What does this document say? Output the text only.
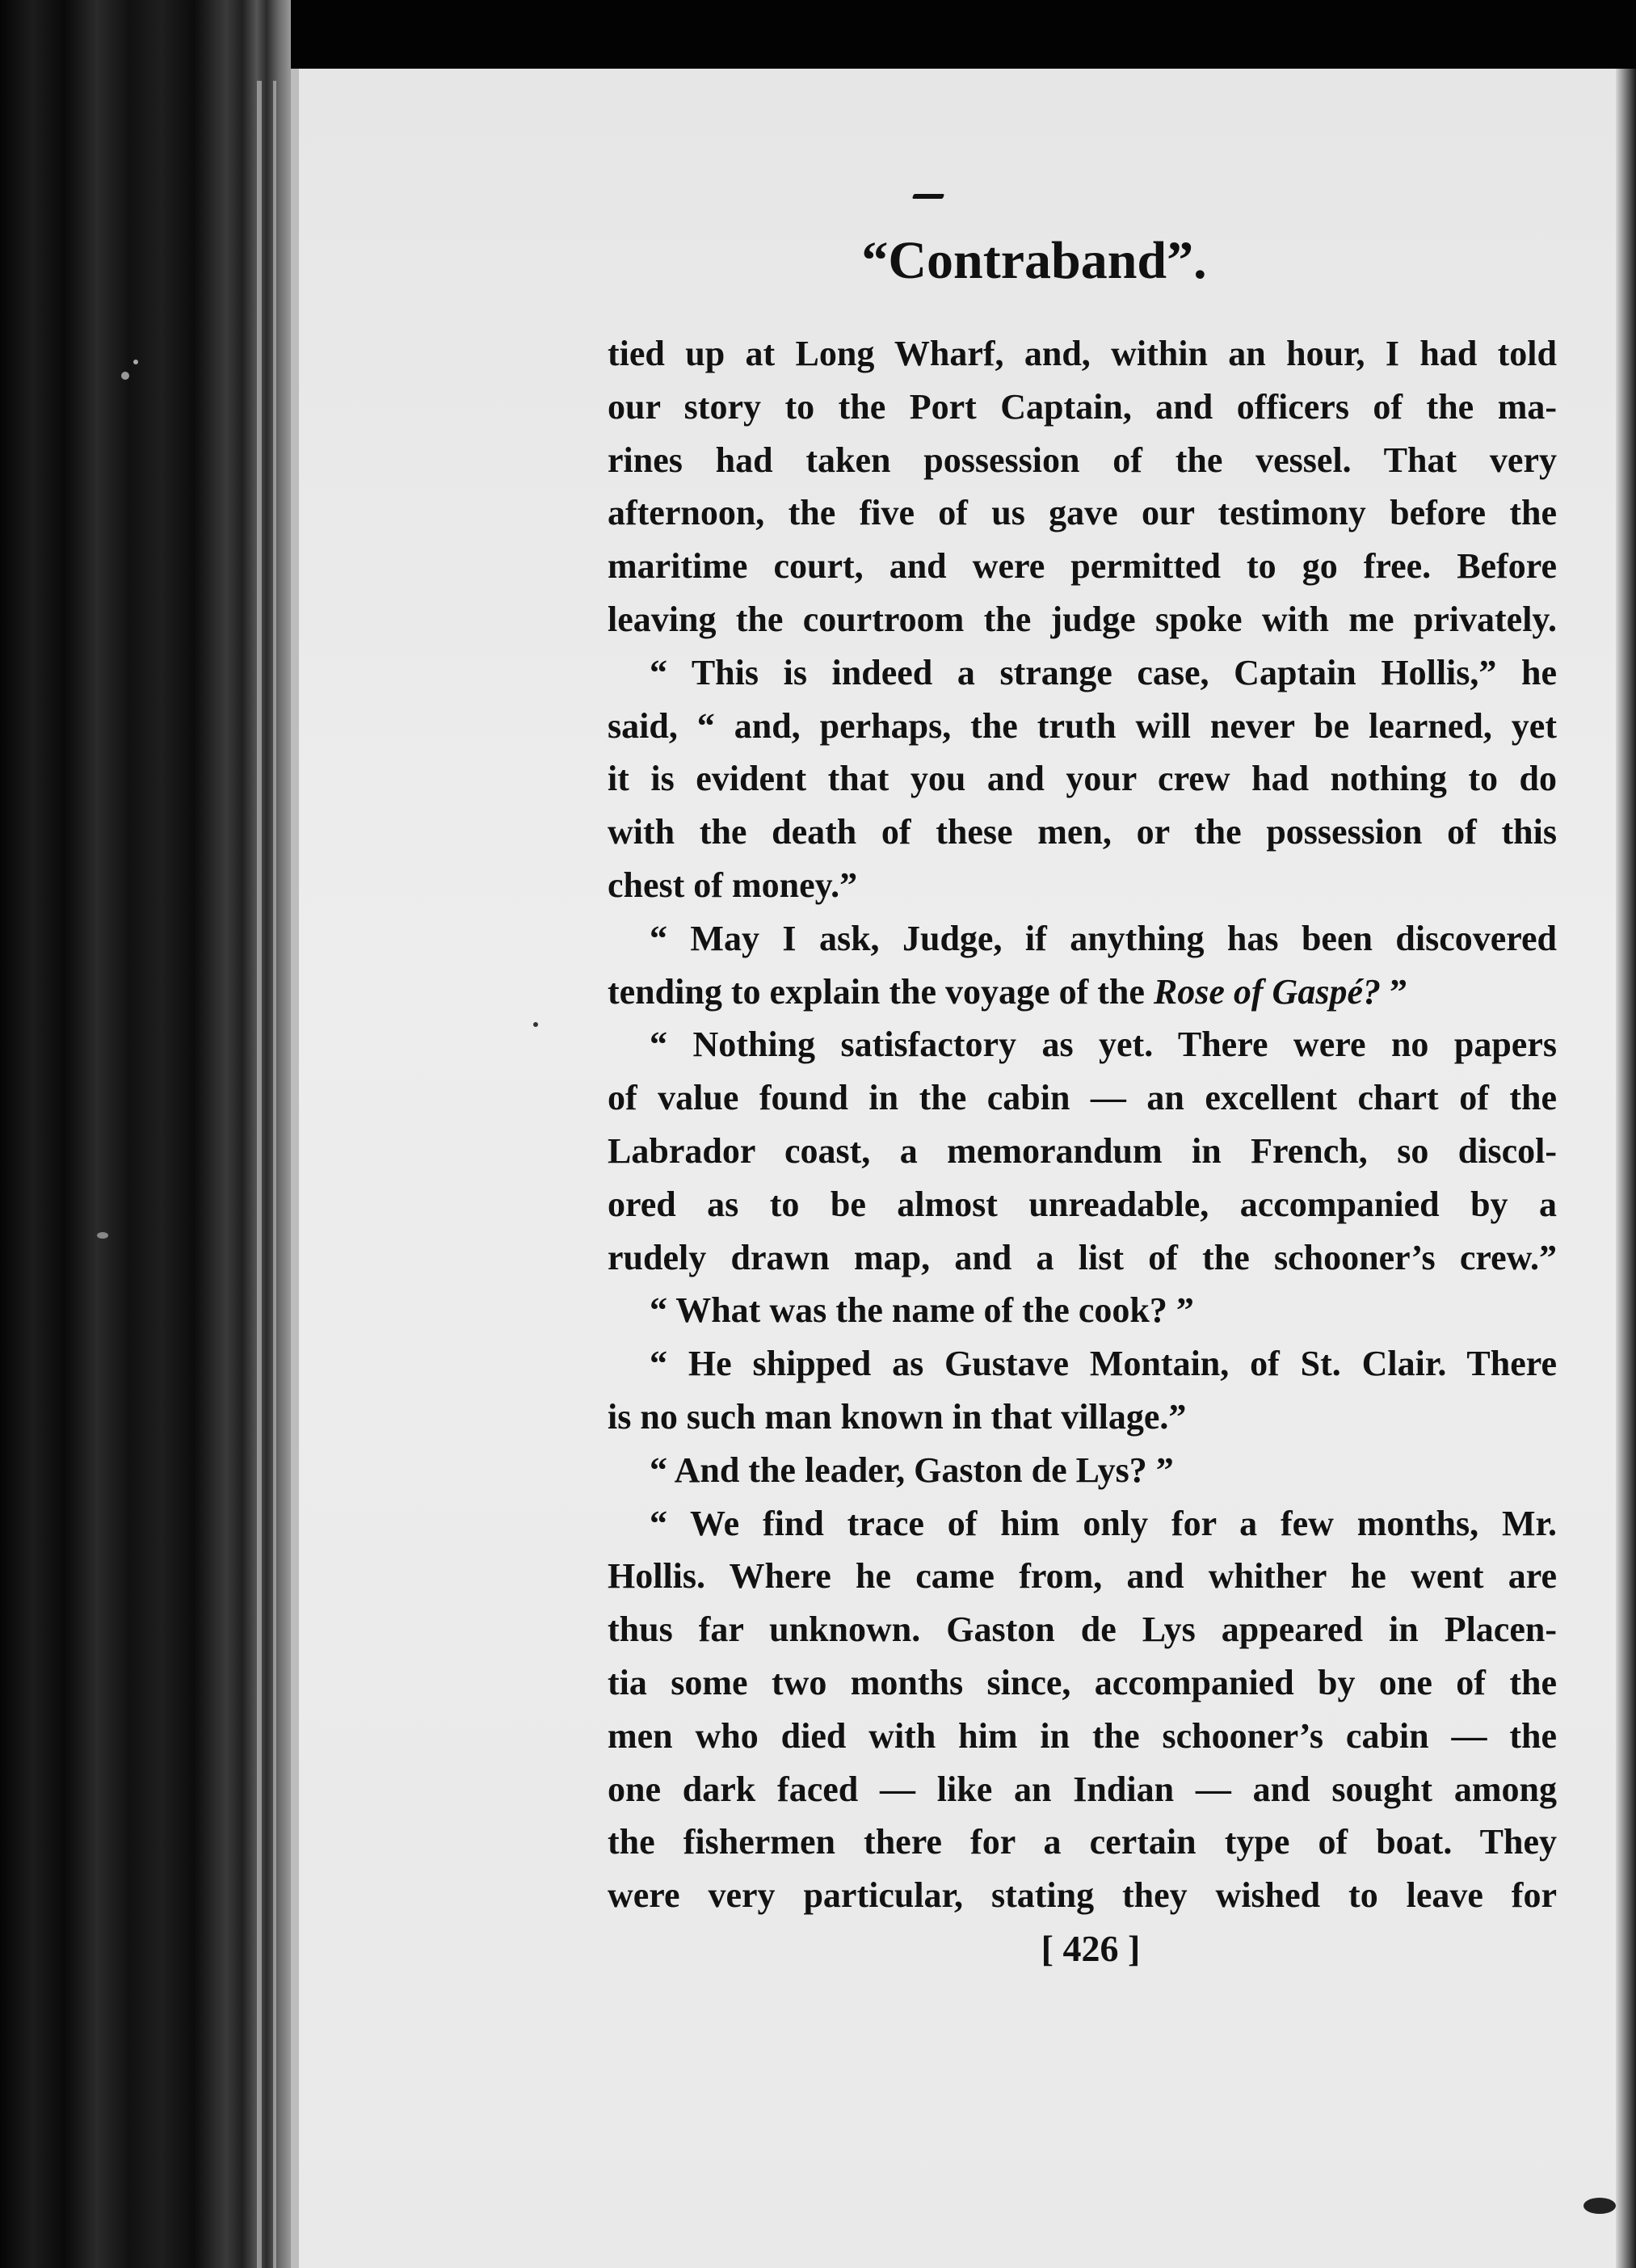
“Contraband”.
tied up at Long Wharf, and, within an hour, I had told
our story to the Port Captain, and officers of the ma-
rines had taken possession of the vessel. That very
afternoon, the five of us gave our testimony before the
maritime court, and were permitted to go free. Before
leaving the courtroom the judge spoke with me privately.
“ This is indeed a strange case, Captain Hollis,” he
said, “ and, perhaps, the truth will never be learned, yet
it is evident that you and your crew had nothing to do
with the death of these men, or the possession of this
chest of money.”
“ May I ask, Judge, if anything has been discovered
tending to explain the voyage of the Rose of Gaspé? ”
“ Nothing satisfactory as yet. There were no papers
of value found in the cabin — an excellent chart of the
Labrador coast, a memorandum in French, so discol-
ored as to be almost unreadable, accompanied by a
rudely drawn map, and a list of the schooner’s crew.”
“ What was the name of the cook? ”
“ He shipped as Gustave Montain, of St. Clair. There
is no such man known in that village.”
“ And the leader, Gaston de Lys? ”
“ We find trace of him only for a few months, Mr.
Hollis. Where he came from, and whither he went are
thus far unknown. Gaston de Lys appeared in Placen-
tia some two months since, accompanied by one of the
men who died with him in the schooner’s cabin — the
one dark faced — like an Indian — and sought among
the fishermen there for a certain type of boat. They
were very particular, stating they wished to leave for
[ 426 ]
